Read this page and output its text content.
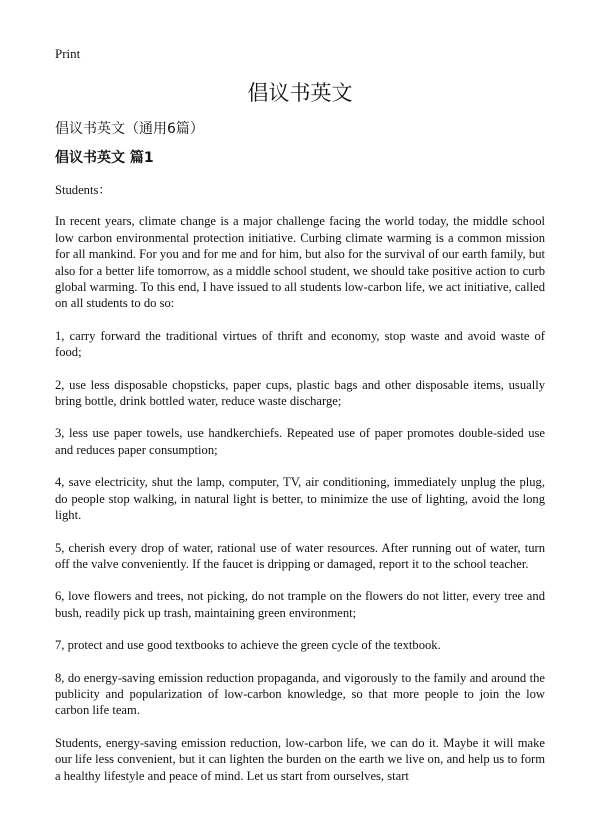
Print
倡议书英文
倡议书英文（通用6篇）
倡议书英文 篇1

Students：

In recent years, climate change is a major challenge facing the world today, the middle school low carbon environmental protection initiative. Curbing climate warming is a common mission for all mankind. For you and for me and for him, but also for the survival of our earth family, but also for a better life tomorrow, as a middle school student, we should take positive action to curb global warming. To this end, I have issued to all students low-carbon life, we act initiative, called on all students to do so:

1, carry forward the traditional virtues of thrift and economy, stop waste and avoid waste of food;

2, use less disposable chopsticks, paper cups, plastic bags and other disposable items, usually bring bottle, drink bottled water, reduce waste discharge;

3, less use paper towels, use handkerchiefs. Repeated use of paper promotes double-sided use and reduces paper consumption;

4, save electricity, shut the lamp, computer, TV, air conditioning, immediately unplug the plug, do people stop walking, in natural light is better, to minimize the use of lighting, avoid the long light.

5, cherish every drop of water, rational use of water resources. After running out of water, turn off the valve conveniently. If the faucet is dripping or damaged, report it to the school teacher.

6, love flowers and trees, not picking, do not trample on the flowers do not litter, every tree and bush, readily pick up trash, maintaining green environment;

7, protect and use good textbooks to achieve the green cycle of the textbook.

8, do energy-saving emission reduction propaganda, and vigorously to the family and around the publicity and popularization of low-carbon knowledge, so that more people to join the low carbon life team.

Students, energy-saving emission reduction, low-carbon life, we can do it. Maybe it will make our life less convenient, but it can lighten the burden on the earth we live on, and help us to form a healthy lifestyle and peace of mind. Let us start from ourselves, start
